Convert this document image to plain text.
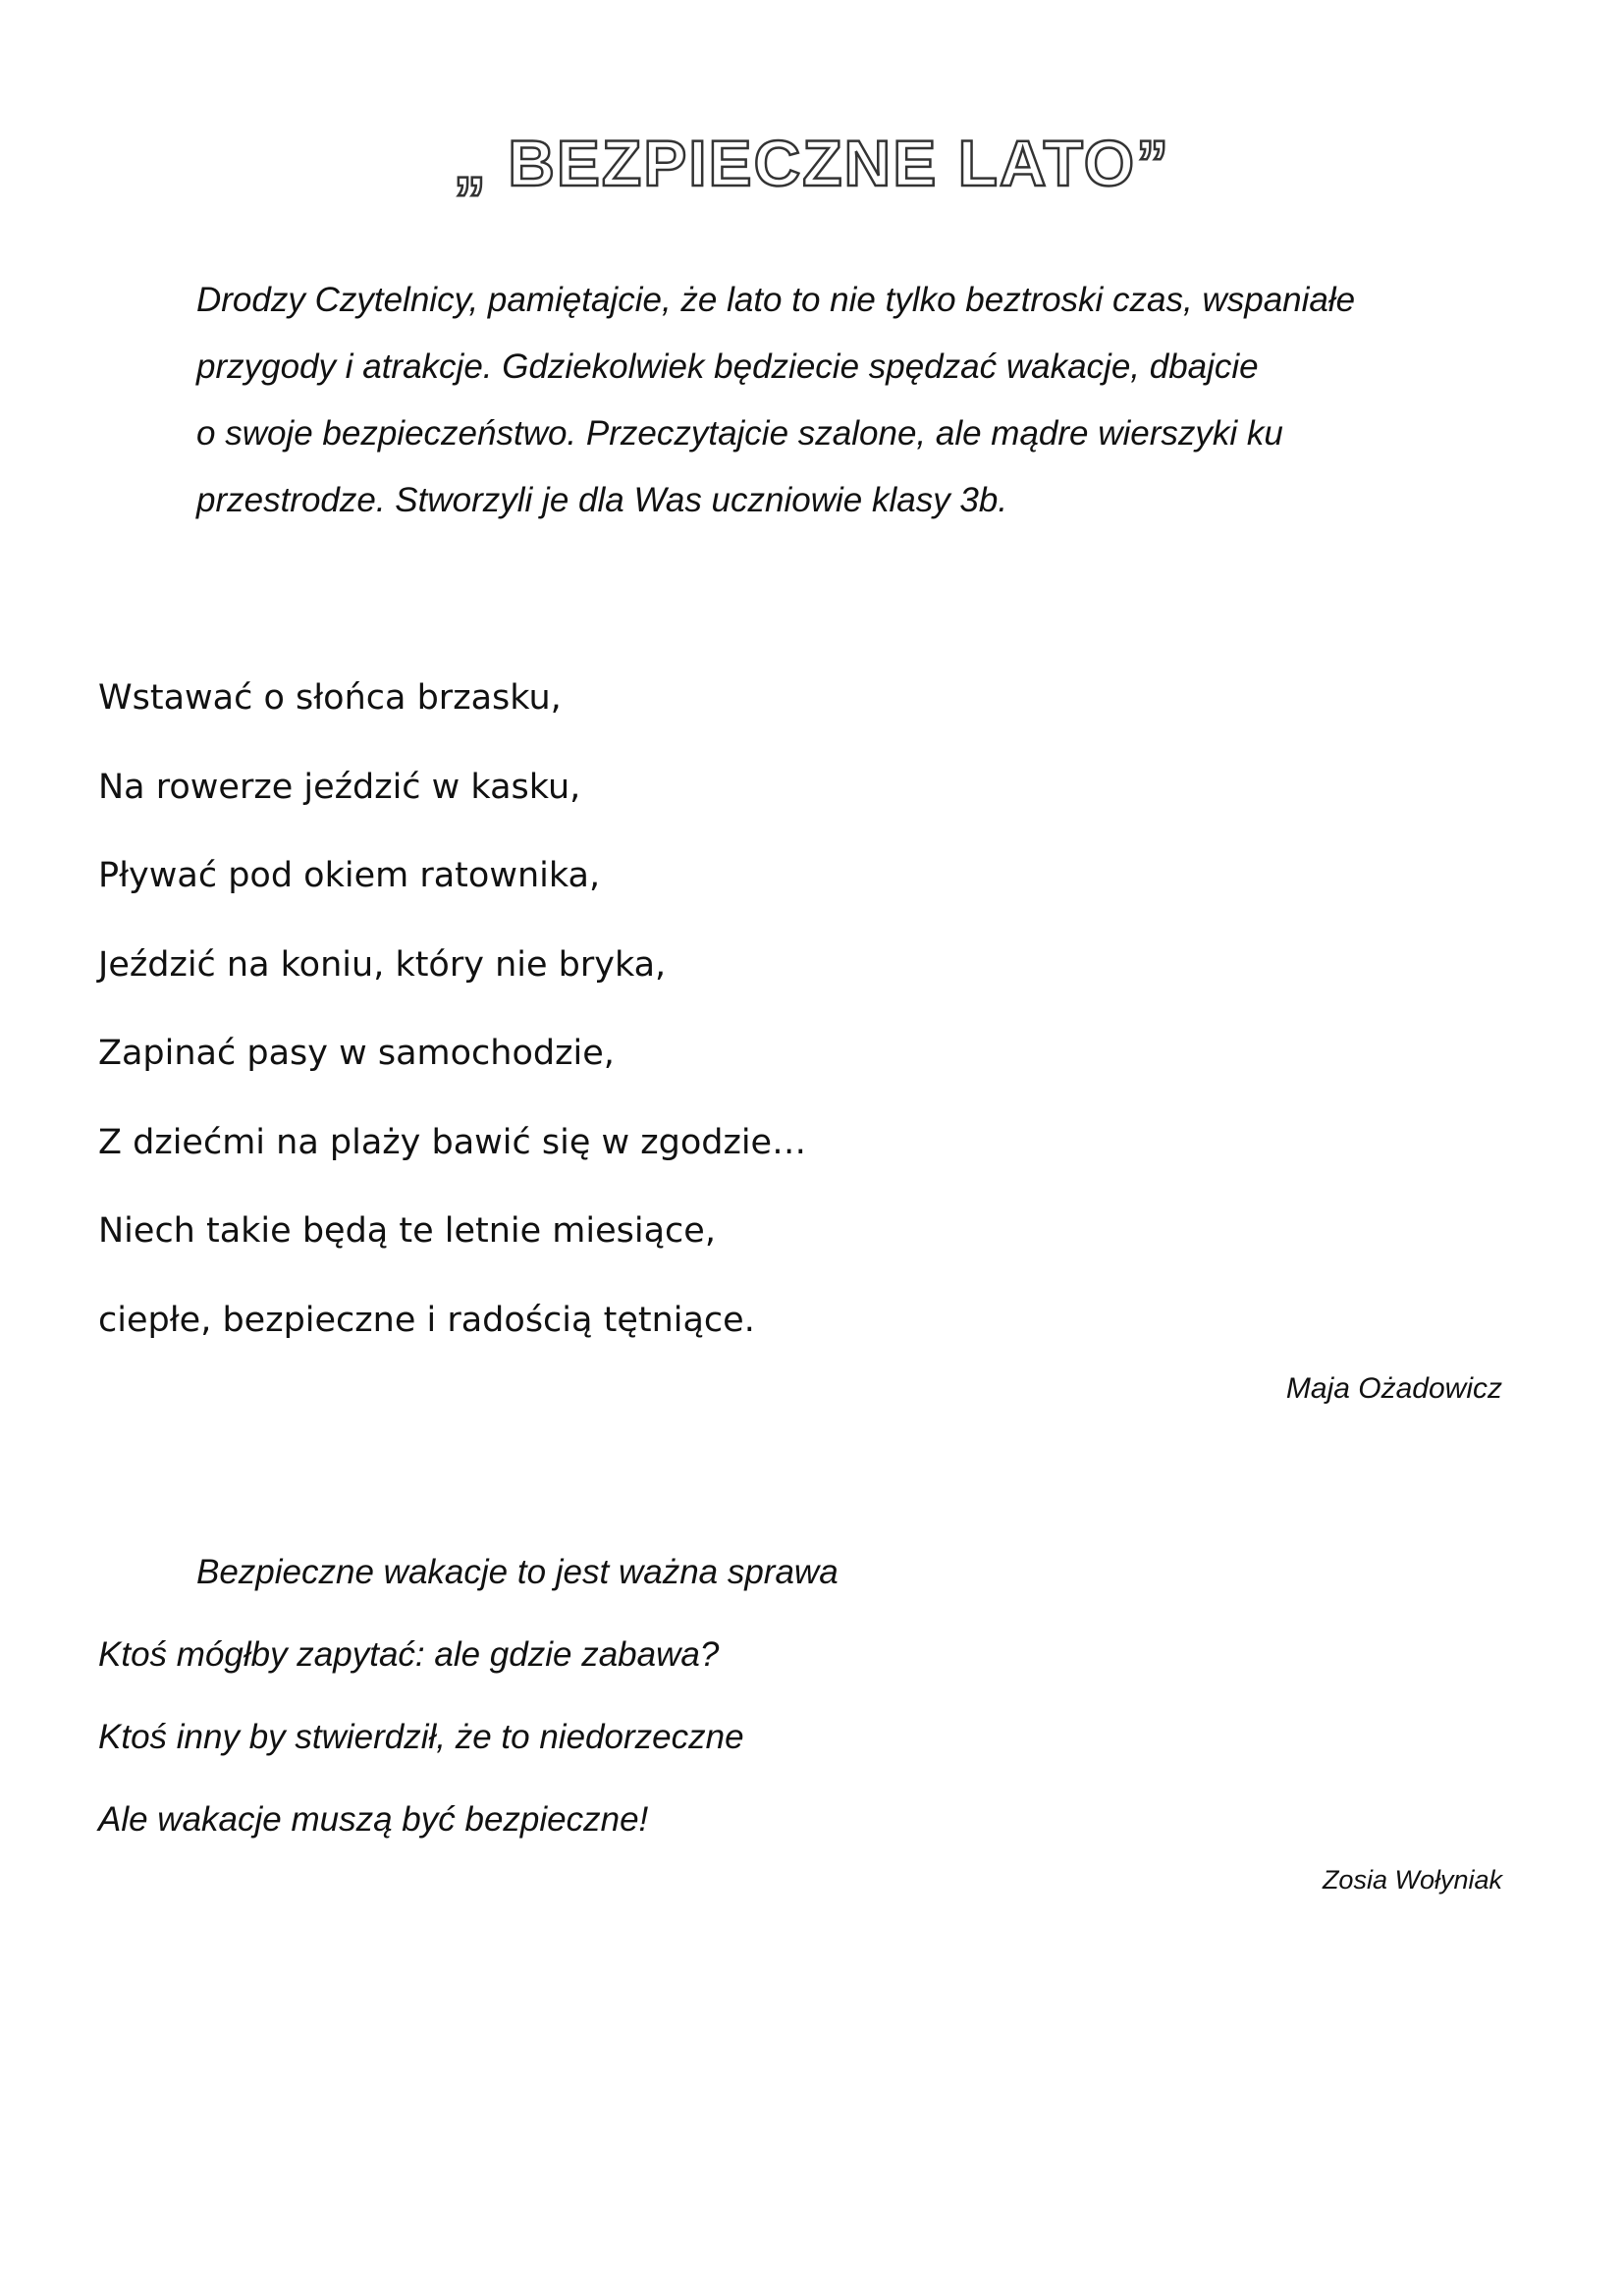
„ BEZPIECZNE LATO”
Drodzy Czytelnicy, pamiętajcie, że lato to nie tylko beztroski czas, wspaniałe
przygody i atrakcje. Gdziekolwiek będziecie spędzać wakacje, dbajcie
o swoje bezpieczeństwo. Przeczytajcie szalone, ale mądre wierszyki ku
przestrodze. Stworzyli je dla Was uczniowie klasy 3b.
Wstawać o słońca brzasku,
Na rowerze jeździć w kasku,
Pływać pod okiem ratownika,
Jeździć na koniu, który nie bryka,
Zapinać pasy w samochodzie,
Z dziećmi na plaży bawić się w zgodzie…
Niech takie będą te letnie miesiące,
ciepłe, bezpieczne i radością tętniące.
Maja Ożadowicz
Bezpieczne wakacje to jest ważna sprawa
Ktoś mógłby zapytać: ale gdzie zabawa?
Ktoś inny by stwierdził, że to niedorzeczne
Ale wakacje muszą być bezpieczne!
Zosia Wołyniak
